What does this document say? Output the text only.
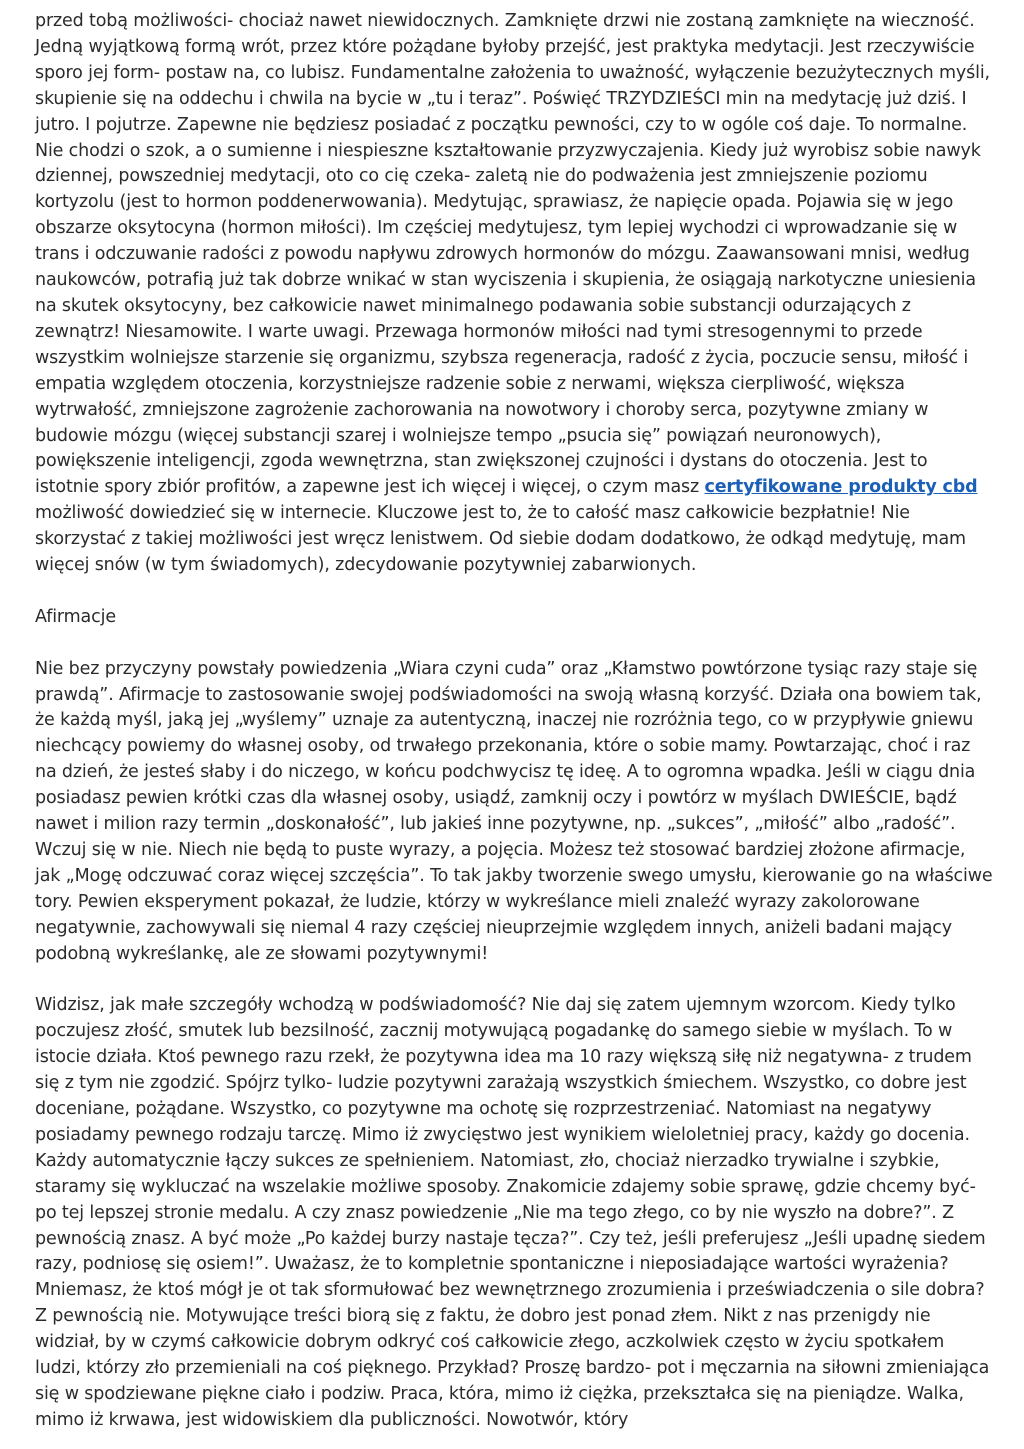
przed tobą możliwości- chociaż nawet niewidocznych. Zamknięte drzwi nie zostaną zamknięte na wieczność. Jedną wyjątkową formą wrót, przez które pożądane byłoby przejść, jest praktyka medytacji. Jest rzeczywiście sporo jej form- postaw na, co lubisz. Fundamentalne założenia to uważność, wyłączenie bezużytecznych myśli, skupienie się na oddechu i chwila na bycie w „tu i teraz”. Poświęć TRZYDZIEŚCI min na medytację już dziś. I jutro. I pojutrze. Zapewne nie będziesz posiadać z początku pewności, czy to w ogóle coś daje. To normalne. Nie chodzi o szok, a o sumienne i niespieszne kształtowanie przyzwyczajenia. Kiedy już wyrobisz sobie nawyk dziennej, powszedniej medytacji, oto co cię czeka- zaletą nie do podważenia jest zmniejszenie poziomu kortyzolu (jest to hormon poddenerwowania). Medytując, sprawiasz, że napięcie opada. Pojawia się w jego obszarze oksytocyna (hormon miłości). Im częściej medytujesz, tym lepiej wychodzi ci wprowadzanie się w trans i odczuwanie radości z powodu napływu zdrowych hormonów do mózgu. Zaawansowani mnisi, według naukowców, potrafią już tak dobrze wnikać w stan wyciszenia i skupienia, że osiągają narkotyczne uniesienia na skutek oksytocyny, bez całkowicie nawet minimalnego podawania sobie substancji odurzających z zewnątrz! Niesamowite. I warte uwagi. Przewaga hormonów miłości nad tymi stresogennymi to przede wszystkim wolniejsze starzenie się organizmu, szybsza regeneracja, radość z życia, poczucie sensu, miłość i empatia względem otoczenia, korzystniejsze radzenie sobie z nerwami, większa cierpliwość, większa wytrwałość, zmniejszone zagrożenie zachorowania na nowotwory i choroby serca, pozytywne zmiany w budowie mózgu (więcej substancji szarej i wolniejsze tempo „psucia się” powiązań neuronowych), powiększenie inteligencji, zgoda wewnętrzna, stan zwiększonej czujności i dystans do otoczenia. Jest to istotnie spory zbiór profitów, a zapewne jest ich więcej i więcej, o czym masz certyfikowane produkty cbd możliwość dowiedzieć się w internecie. Kluczowe jest to, że to całość masz całkowicie bezpłatnie! Nie skorzystać z takiej możliwości jest wręcz lenistwem. Od siebie dodam dodatkowo, że odkąd medytuję, mam więcej snów (w tym świadomych), zdecydowanie pozytywniej zabarwionych.

Afirmacje

Nie bez przyczyny powstały powiedzenia „Wiara czyni cuda” oraz „Kłamstwo powtórzone tysiąc razy staje się prawdą”. Afirmacje to zastosowanie swojej podświadomości na swoją własną korzyść. Działa ona bowiem tak, że każdą myśl, jaką jej „wyślemy” uznaje za autentyczną, inaczej nie rozróżnia tego, co w przypływie gniewu niechcący powiemy do własnej osoby, od trwałego przekonania, które o sobie mamy. Powtarzając, choć i raz na dzień, że jesteś słaby i do niczego, w końcu podchwycisz tę ideę. A to ogromna wpadka. Jeśli w ciągu dnia posiadasz pewien krótki czas dla własnej osoby, usiądź, zamknij oczy i powtórz w myślach DWIEŚCIE, bądź nawet i milion razy termin „doskonałość”, lub jakieś inne pozytywne, np. „sukces”, „miłość” albo „radość”. Wczuj się w nie. Niech nie będą to puste wyrazy, a pojęcia. Możesz też stosować bardziej złożone afirmacje, jak „Mogę odczuwać coraz więcej szczęścia”. To tak jakby tworzenie swego umysłu, kierowanie go na właściwe tory. Pewien eksperyment pokazał, że ludzie, którzy w wykreślance mieli znaleźć wyrazy zakolorowane negatywnie, zachowywali się niemal 4 razy częściej nieuprzejmie względem innych, aniżeli badani mający podobną wykreślankę, ale ze słowami pozytywnymi!

Widzisz, jak małe szczegóły wchodzą w podświadomość? Nie daj się zatem ujemnym wzorcom. Kiedy tylko poczujesz złość, smutek lub bezsilność, zacznij motywującą pogadankę do samego siebie w myślach. To w istocie działa. Ktoś pewnego razu rzekł, że pozytywna idea ma 10 razy większą siłę niż negatywna- z trudem się z tym nie zgodzić. Spójrz tylko- ludzie pozytywni zarażają wszystkich śmiechem. Wszystko, co dobre jest doceniane, pożądane. Wszystko, co pozytywne ma ochotę się rozprzestrzeniać. Natomiast na negatywy posiadamy pewnego rodzaju tarczę. Mimo iż zwycięstwo jest wynikiem wieloletniej pracy, każdy go docenia. Każdy automatycznie łączy sukces ze spełnieniem. Natomiast, zło, chociaż nierzadko trywialne i szybkie, staramy się wykluczać na wszelakie możliwe sposoby. Znakomicie zdajemy sobie sprawę, gdzie chcemy być- po tej lepszej stronie medalu. A czy znasz powiedzenie „Nie ma tego złego, co by nie wyszło na dobre?”. Z pewnością znasz. A być może „Po każdej burzy nastaje tęcza?”. Czy też, jeśli preferujesz „Jeśli upadnę siedem razy, podniosę się osiem!”. Uważasz, że to kompletnie spontaniczne i nieposiadające wartości wyrażenia? Mniemasz, że ktoś mógł je ot tak sformułować bez wewnętrznego zrozumienia i przeświadczenia o sile dobra? Z pewnością nie. Motywujące treści biorą się z faktu, że dobro jest ponad złem. Nikt z nas przenigdy nie widział, by w czymś całkowicie dobrym odkryć coś całkowicie złego, aczkolwiek często w życiu spotkałem ludzi, którzy zło przemieniali na coś pięknego. Przykład? Proszę bardzo- pot i męczarnia na siłowni zmieniająca się w spodziewane piękne ciało i podziw. Praca, która, mimo iż ciężka, przekształca się na pieniądze. Walka, mimo iż krwawa, jest widowiskiem dla publiczności. Nowotwór, który
